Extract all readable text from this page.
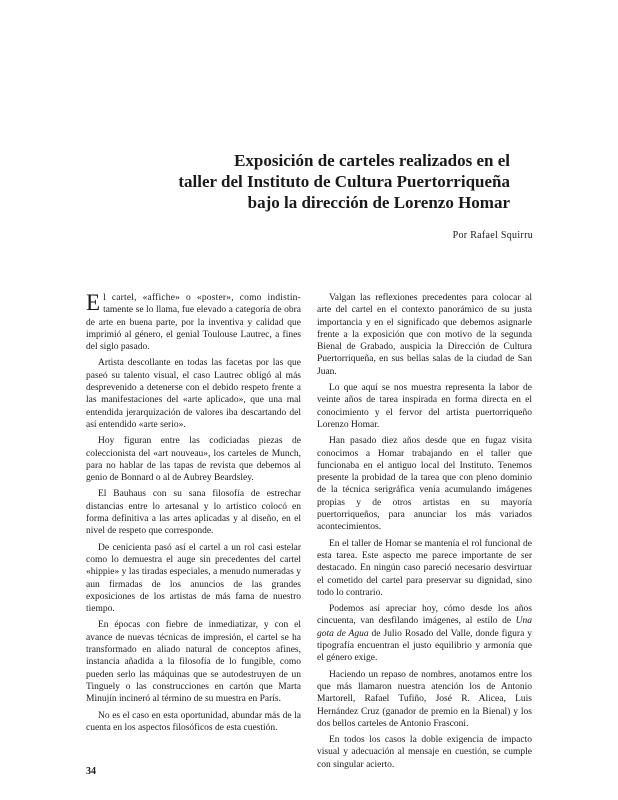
Exposición de carteles realizados en el
taller del Instituto de Cultura Puertorriqueña
bajo la dirección de Lorenzo Homar
Por Rafael Squirru

El cartel, «affiche» o «poster», como indistin- tamente se lo llama, fue elevado a categoría de obra de arte en buena parte, por la inventiva y calidad que imprimió al género, el genial Toulouse Lautrec, a fines del siglo pasado.

Artista descollante en todas las facetas por las que paseó su talento visual, el caso Lautrec obligó al más desprevenido a detenerse con el debido respeto frente a las manifestaciones del «arte aplicado», que una mal entendida jerarquización de valores iba descartando del así entendido «arte serio».

Hoy figuran entre las codiciadas piezas de coleccionista del «art nouveau», los carteles de Munch, para no hablar de las tapas de revista que debemos al genio de Bonnard o al de Aubrey Beardsley.

El Bauhaus con su sana filosofía de estrechar distancias entre lo artesanal y lo artístico colocó en forma definitiva a las artes aplicadas y al diseño, en el nivel de respeto que corresponde.

De cenicienta pasó así el cartel a un rol casi estelar como lo demuestra el auge sin precedentes del cartel «hippie» y las tiradas especiales, a menudo numeradas y aun firmadas de los anuncios de las grandes exposiciones de los artistas de más fama de nuestro tiempo.

En épocas con fiebre de inmediatizar, y con el avance de nuevas técnicas de impresión, el cartel se ha transformado en aliado natural de conceptos afines, instancia añadida a la filosofía de lo fungible, como pueden serlo las máquinas que se autodestruyen de un Tinguely o las construcciones en cartón que Marta Minujín incineró al término de su muestra en París.

No es el caso en esta oportunidad, abundar más de la cuenta en los aspectos filosóficos de esta cuestión.

Valgan las reflexiones precedentes para colocar al arte del cartel en el contexto panorámico de su justa importancia y en el significado que debemos asignarle frente a la exposición que con motivo de la segunda Bienal de Grabado, auspicia la Dirección de Cultura Puertorriqueña, en sus bellas salas de la ciudad de San Juan.

Lo que aquí se nos muestra representa la labor de veinte años de tarea inspirada en forma directa en el conocimiento y el fervor del artista puertorriqueño Lorenzo Homar.

Han pasado diez años desde que en fugaz visita conocimos a Homar trabajando en el taller que funcionaba en el antiguo local del Instituto. Tenemos presente la probidad de la tarea que con pleno dominio de la técnica serigráfica venía acumulando imágenes propias y de otros artistas en su mayoría puertorriqueños, para anunciar los más variados acontecimientos.

En el taller de Homar se mantenía el rol funcional de esta tarea. Este aspecto me parece importante de ser destacado. En ningún caso pareció necesario desvirtuar el cometido del cartel para preservar su dignidad, sino todo lo contrario.

Podemos así apreciar hoy, cómo desde los años cincuenta, van desfilando imágenes, al estilo de Una gota de Agua de Julio Rosado del Valle, donde figura y tipografía encuentran el justo equilibrio y armonía que el género exige.

Haciendo un repaso de nombres, anotamos entre los que más llamaron nuestra atención los de Antonio Martorell, Rafael Tufiño, José R. Alicea, Luis Hernández Cruz (ganador de premio en la Bienal) y los dos bellos carteles de Antonio Frasconi.

En todos los casos la doble exigencia de impacto visual y adecuación al mensaje en cuestión, se cumple con singular acierto.

34
